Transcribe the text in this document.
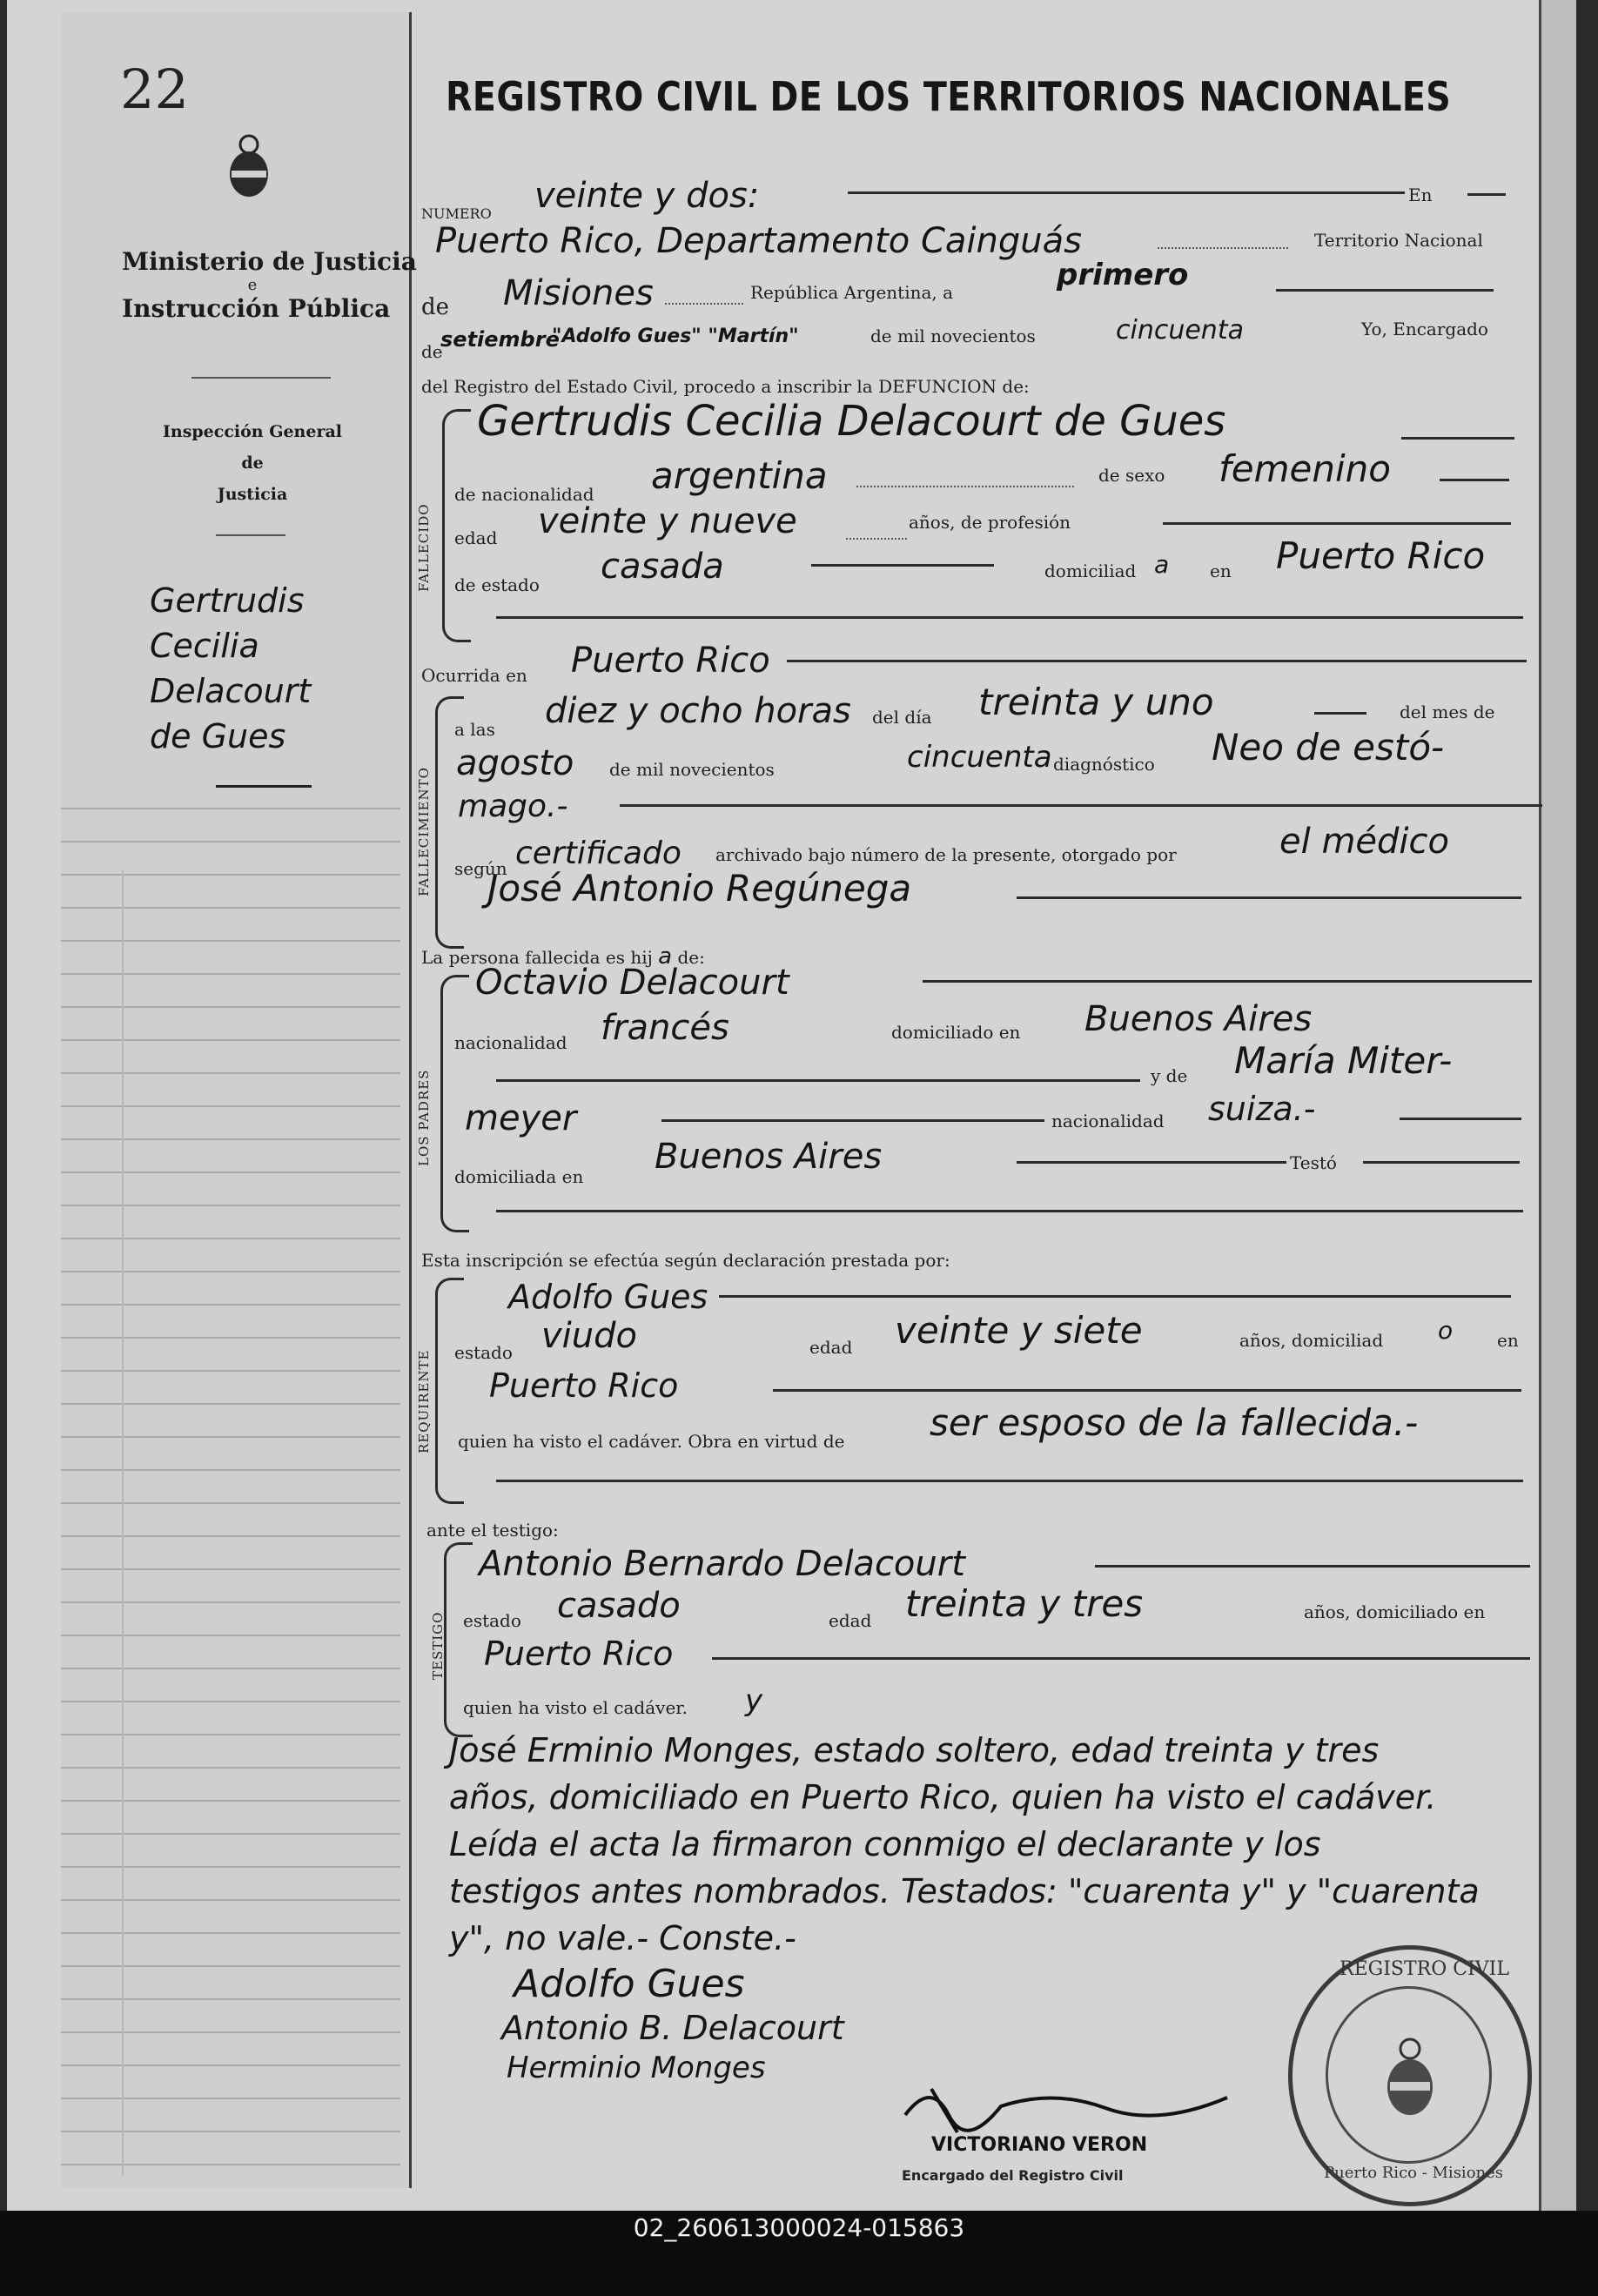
22
Ministerio de Justicia
e
Instrucción Pública
Inspección General
de
Justicia
Gertrudis
Cecilia
Delacourt
de Gues
REGISTRO CIVIL DE LOS TERRITORIOS NACIONALES
NUMERO veinte y dos:	En
Puerto Rico, Departamento Cainguás	Territorio Nacional
de Misiones	República Argentina, a	primero
de
setiembre
"Adolfo Gues" "Martín"	de mil novecientos	cincuenta	Yo, Encargado
del Registro del Estado Civil, procedo a inscribir la DEFUNCION de:
FALLECIDO
Gertrudis Cecilia Delacourt de Gues
de nacionalidad argentina	de sexo femenino
edad veinte y nueve	años, de profesión
de estado casada	domiciliad a en Puerto Rico
Ocurrida en Puerto Rico
FALLECIMIENTO
a las diez y ocho horas del día treinta y uno	del mes de
agosto de mil novecientos	cincuenta diagnóstico Neo de estó-
mago.-
según certificado archivado bajo número de la presente, otorgado por	el médico
José Antonio Regúnega
La persona fallecida es hij a de:
LOS PADRES
Octavio Delacourt
nacionalidad francés	domiciliado en Buenos Aires
y de María Miter-
meyer	nacionalidad suiza.-
domiciliada en Buenos Aires	Testó
Esta inscripción se efectúa según declaración prestada por:
REQUIRENTE
Adolfo Gues
estado viudo	edad veinte y siete	años, domiciliad o	en
Puerto Rico
quien ha visto el cadáver. Obra en virtud de ser esposo de la fallecida.-
ante el testigo:
TESTIGO
Antonio Bernardo Delacourt
estado casado	edad treinta y tres	años, domiciliado en
Puerto Rico
quien ha visto el cadáver. y
José Erminio Monges, estado soltero, edad treinta y tres
años, domiciliado en Puerto Rico, quien ha visto el cadáver.
Leída el acta la firmaron conmigo el declarante y los
testigos antes nombrados. Testados: "cuarenta y" y "cuarenta
y", no vale.- Conste.-
Adolfo Gues
Antonio B. Delacourt
Herminio Monges
VICTORIANO VERON
Encargado del Registro Civil
REGISTRO CIVIL
Puerto Rico - Misiones
02_260613000024-015863
